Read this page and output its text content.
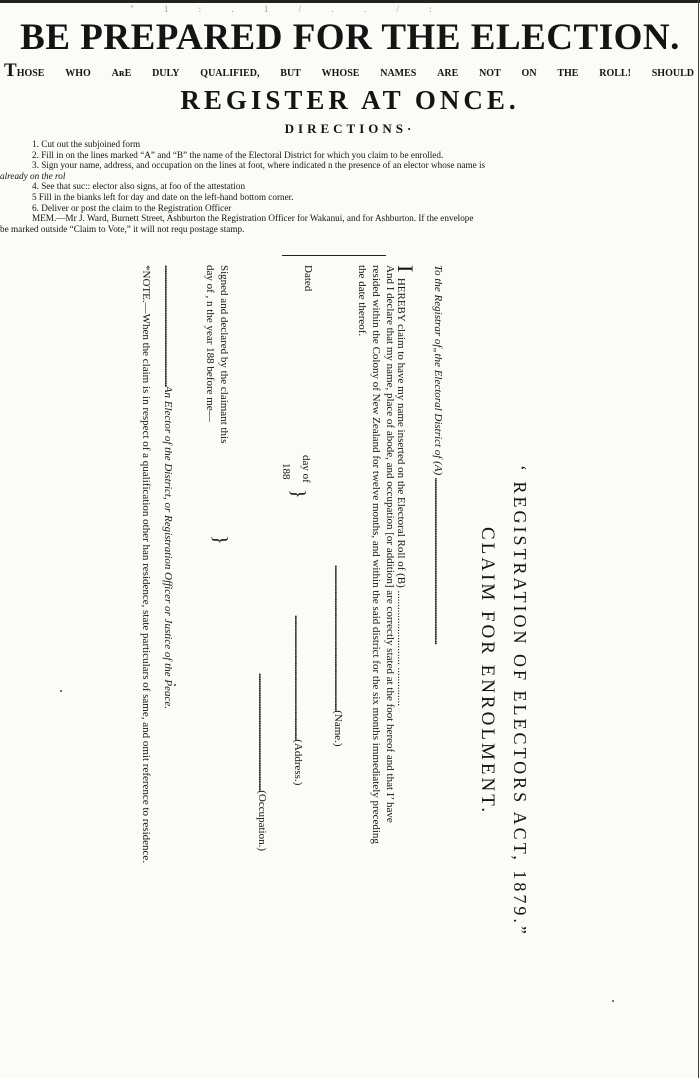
" 1 : . 1 / . . / :
BE PREPARED FOR THE ELECTION.
THOSE WHO AʀE DULY QUALIFIED, BUT WHOSE NAMES ARE NOT ON THE ROLL! SHOULD
REGISTER AT ONCE.
DIRECTIONS·
1. Cut out the subjoined form
2. Fill in on the lines marked “A” and “B” the name of the Electoral District for which you claim to be enrolled.
3. Sign your name, address, and occupation on the lines at foot, where indicated n the presence of an elector whose name is
already on the rol
4. See that suc:: elector also signs, at foo of the attestation
5 Fill in the bianks left for day and date on the left-hand bottom corner.
6. Deliver or post the claim to the Registration Officer
MEM.—Mr J. Ward, Burnett Street, Ashburton the Registration Officer for Wakanui, and for Ashburton. If the envelope
be marked outside “Claim to Vote,” it will not requ postage stamp.
‘ REGISTRATION OF ELECTORS ACT, 1879.”
CLAIM FOR ENROLMENT.
To the Registrar of„the Electoral District of (A) ...............................................................................................
I  HEREBY claim to have my name inserted on the Electoral Roll of (B) ........................... ..............
And I declare that my name, place of abode, and occupation [or addition] are correctly stated at the foot hereof and that I’ have
resided within the Colony of New Zealand for twelve months, and within the said district for the six months immediately preceding
the date thereof.
...................................................................................(Name.)
Dated
day of
188
}
.......................................................................(Address.)
...................................................................(Occupation.)
Signed and declared by the claimant this
day of , n the year 188 before me—
}
.....................................................................An Elector of the District, or Registration Officer or Justice of the Peace.
*NOTE.—When the claim is in respect of a qualification other han residence, state particulars of same, and omit reference to residence.
